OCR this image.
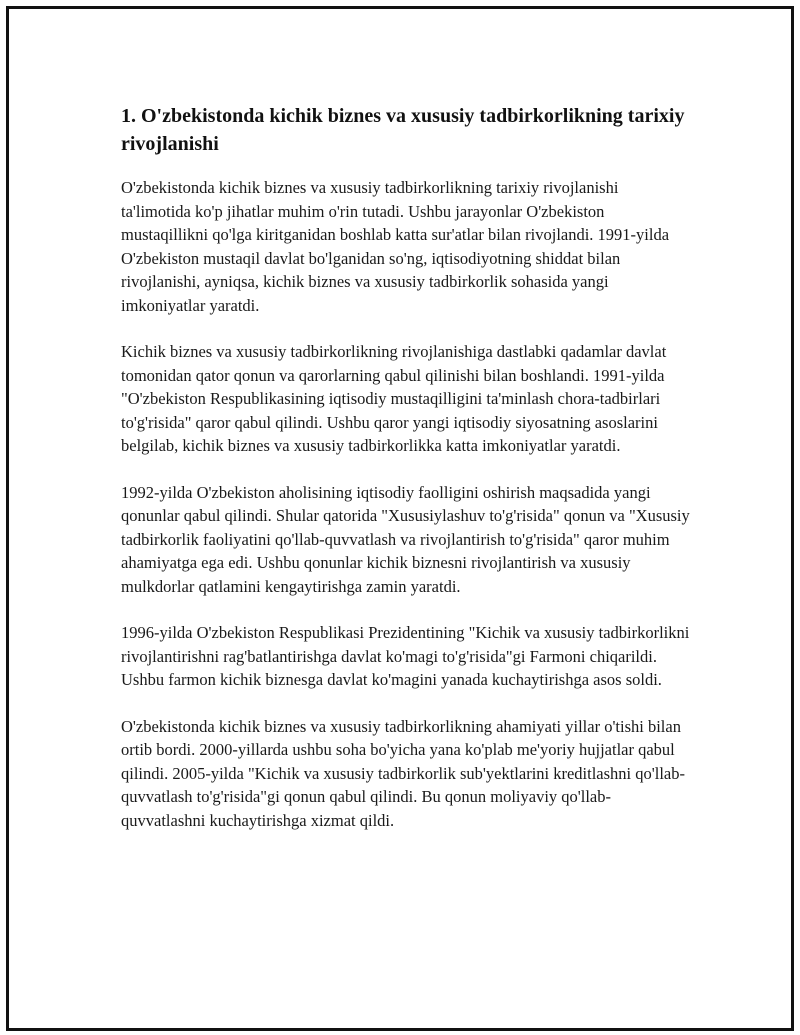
1. O'zbekistonda kichik biznes va xususiy tadbirkorlikning tarixiy rivojlanishi

O'zbekistonda kichik biznes va xususiy tadbirkorlikning tarixiy rivojlanishi ta'limotida ko'p jihatlar muhim o'rin tutadi. Ushbu jarayonlar O'zbekiston mustaqillikni qo'lga kiritganidan boshlab katta sur'atlar bilan rivojlandi. 1991-yilda O'zbekiston mustaqil davlat bo'lganidan so'ng, iqtisodiyotning shiddat bilan rivojlanishi, ayniqsa, kichik biznes va xususiy tadbirkorlik sohasida yangi imkoniyatlar yaratdi.

Kichik biznes va xususiy tadbirkorlikning rivojlanishiga dastlabki qadamlar davlat tomonidan qator qonun va qarorlarning qabul qilinishi bilan boshlandi. 1991-yilda "O'zbekiston Respublikasining iqtisodiy mustaqilligini ta'minlash chora-tadbirlari to'g'risida" qaror qabul qilindi. Ushbu qaror yangi iqtisodiy siyosatning asoslarini belgilab, kichik biznes va xususiy tadbirkorlikka katta imkoniyatlar yaratdi.

1992-yilda O'zbekiston aholisining iqtisodiy faolligini oshirish maqsadida yangi qonunlar qabul qilindi. Shular qatorida "Xususiylashuv to'g'risida" qonun va "Xususiy tadbirkorlik faoliyatini qo'llab-quvvatlash va rivojlantirish to'g'risida" qaror muhim ahamiyatga ega edi. Ushbu qonunlar kichik biznesni rivojlantirish va xususiy mulkdorlar qatlamini kengaytirishga zamin yaratdi.

1996-yilda O'zbekiston Respublikasi Prezidentining "Kichik va xususiy tadbirkorlikni rivojlantirishni rag'batlantirishga davlat ko'magi to'g'risida"gi Farmoni chiqarildi. Ushbu farmon kichik biznesga davlat ko'magini yanada kuchaytirishga asos soldi.

O'zbekistonda kichik biznes va xususiy tadbirkorlikning ahamiyati yillar o'tishi bilan ortib bordi. 2000-yillarda ushbu soha bo'yicha yana ko'plab me'yoriy hujjatlar qabul qilindi. 2005-yilda "Kichik va xususiy tadbirkorlik sub'yektlarini kreditlashni qo'llab-quvvatlash to'g'risida"gi qonun qabul qilindi. Bu qonun moliyaviy qo'llab-quvvatlashni kuchaytirishga xizmat qildi.
